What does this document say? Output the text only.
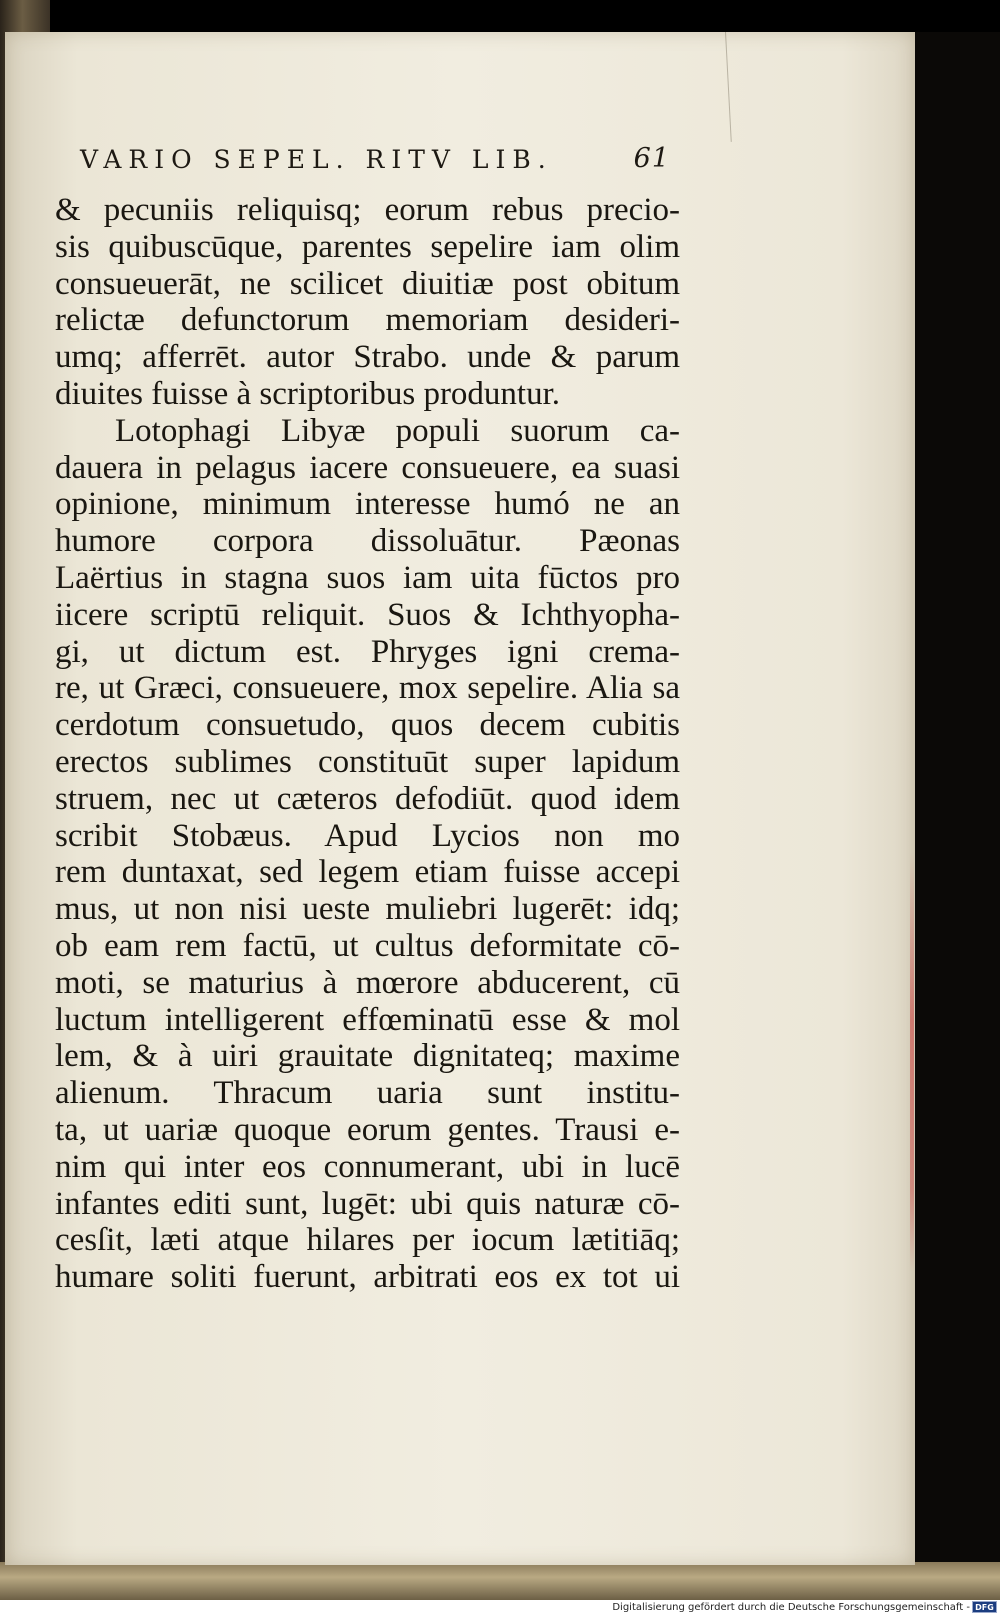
VARIO SEPEL. RITV LIB.	61
& pecuniis reliquisq; eorum rebus precio-
sis quibuscūque, parentes sepelire iam olim
consueuerāt, ne scilicet diuitiæ post obitum
relictæ defunctorum memoriam desideri-
umq; afferrēt. autor Strabo. unde & parum
diuites fuisse à scriptoribus produntur.
Lotophagi Libyæ populi suorum ca-
dauera in pelagus iacere consueuere, ea suasi
opinione, minimum interesse humó ne an
humore corpora dissoluātur. Pæonas
Laërtius in stagna suos iam uita fūctos pro
iicere scriptū reliquit. Suos & Ichthyopha-
gi, ut dictum est. Phryges igni crema-
re, ut Græci, consueuere, mox sepelire. Alia sa
cerdotum consuetudo, quos decem cubitis
erectos sublimes constituūt super lapidum
struem, nec ut cæteros defodiūt. quod idem
scribit Stobæus. Apud Lycios non mo
rem duntaxat, sed legem etiam fuisse accepi
mus, ut non nisi ueste muliebri lugerēt: idq;
ob eam rem factū, ut cultus deformitate cō-
moti, se maturius à mœrore abducerent, cū
luctum intelligerent effœminatū esse & mol
lem, & à uiri grauitate dignitateq; maxime
alienum. Thracum uaria sunt institu-
ta, ut uariæ quoque eorum gentes. Trausi e-
nim qui inter eos connumerant, ubi in lucē
infantes editi sunt, lugēt: ubi quis naturæ cō-
cesſit, læti atque hilares per iocum lætitiāq;
humare soliti fuerunt, arbitrati eos ex tot ui
Digitalisierung gefördert durch die Deutsche Forschungsgemeinschaft - DFG
